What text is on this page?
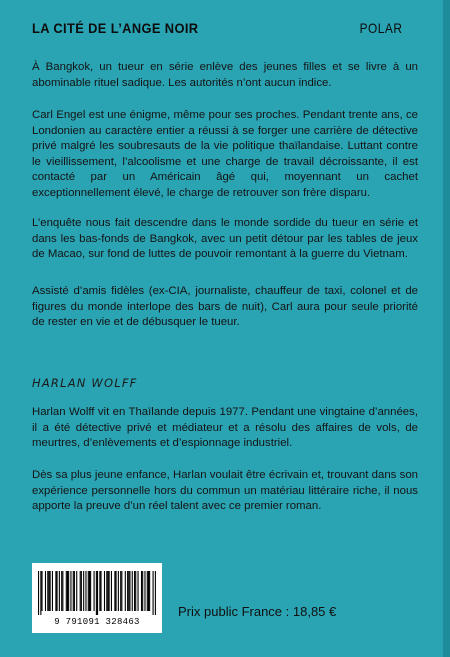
LA CITÉ DE L’ANGE NOIR	POLAR
À Bangkok, un tueur en série enlève des jeunes filles et se livre à un abominable rituel sadique. Les autorités n’ont aucun indice.
Carl Engel est une énigme, même pour ses proches. Pendant trente ans, ce Londonien au caractère entier a réussi à se forger une carrière de détective privé malgré les soubresauts de la vie politique thaïlandaise. Luttant contre le vieillissement, l’alcoolisme et une charge de travail décroissante, il est contacté par un Américain âgé qui, moyennant un cachet exceptionnellement élevé, le charge de retrouver son frère disparu.
L’enquête nous fait descendre dans le monde sordide du tueur en série et dans les bas-fonds de Bangkok, avec un petit détour par les tables de jeux de Macao, sur fond de luttes de pouvoir remontant à la guerre du Vietnam.
Assisté d’amis fidèles (ex-CIA, journaliste, chauffeur de taxi, colonel et de figures du monde interlope des bars de nuit), Carl aura pour seule priorité de rester en vie et de débusquer le tueur.
HARLAN WOLFF
Harlan Wolff vit en Thaïlande depuis 1977. Pendant une vingtaine d’années, il a été détective privé et médiateur et a résolu des affaires de vols, de meurtres, d’enlèvements et d’espionnage industriel.
Dès sa plus jeune enfance, Harlan voulait être écrivain et, trouvant dans son expérience personnelle hors du commun un matériau littéraire riche, il nous apporte la preuve d’un réel talent avec ce premier roman.
9 791091 328463
Prix public France : 18,85 €
